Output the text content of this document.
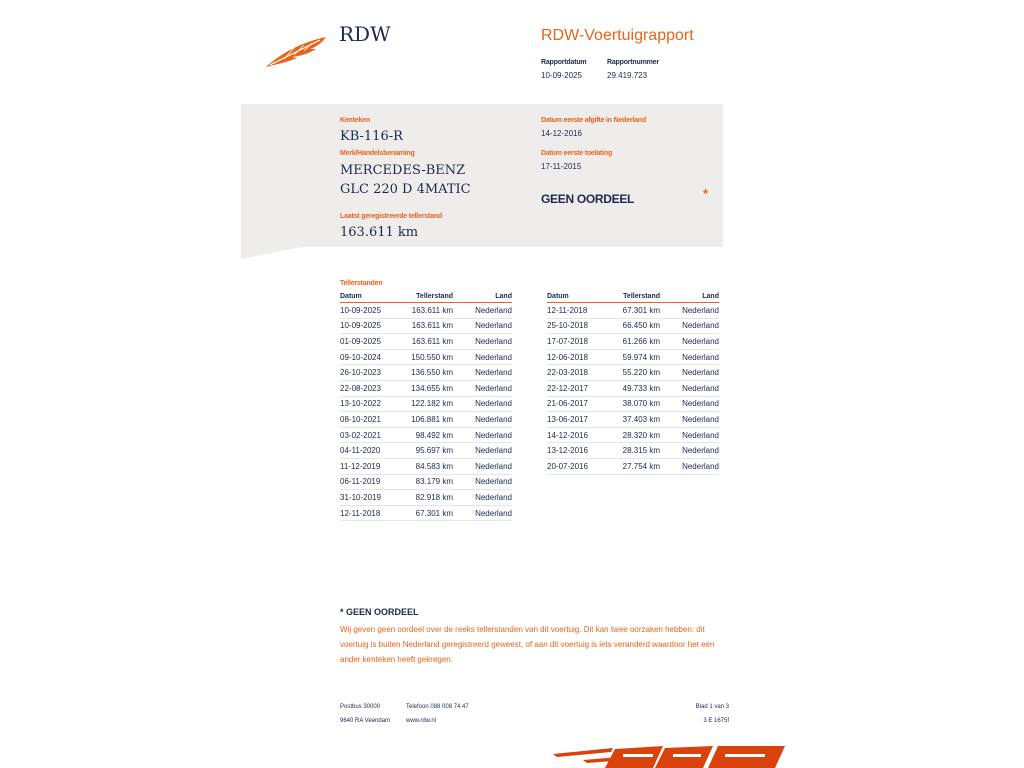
RDW	RDW-Voertuigrapport
Rapportdatum
10-09-2025
Rapportnummer
29.419.723
Kenteken
KB-116-R
Merk/Handelsbenaming
MERCEDES-BENZ
GLC 220 D 4MATIC
Laatst geregistreerde tellerstand
163.611 km
Datum eerste afgifte in Nederland
14-12-2016
Datum eerste toelating
17-11-2015
GEEN OORDEEL	*
Tellerstanden
Datum	Tellerstand	Land
10-09-2025	163.611 km	Nederland
10-09-2025	163.611 km	Nederland
01-09-2025	163.611 km	Nederland
09-10-2024	150.550 km	Nederland
26-10-2023	136.550 km	Nederland
22-08-2023	134.655 km	Nederland
13-10-2022	122.182 km	Nederland
08-10-2021	106.881 km	Nederland
03-02-2021	98.492 km	Nederland
04-11-2020	95.697 km	Nederland
11-12-2019	84.583 km	Nederland
06-11-2019	83.179 km	Nederland
31-10-2019	82.918 km	Nederland
12-11-2018	67.301 km	Nederland
Datum	Tellerstand	Land
12-11-2018	67.301 km	Nederland
25-10-2018	66.450 km	Nederland
17-07-2018	61.266 km	Nederland
12-06-2018	59.974 km	Nederland
22-03-2018	55.220 km	Nederland
22-12-2017	49.733 km	Nederland
21-06-2017	38.070 km	Nederland
13-06-2017	37.403 km	Nederland
14-12-2016	28.320 km	Nederland
13-12-2016	28.315 km	Nederland
20-07-2016	27.754 km	Nederland
* GEEN OORDEEL
Wij geven geen oordeel over de reeks tellerstanden van dit voertuig. Dit kan twee oorzaken hebben: dit voertuig is buiten Nederland geregistreerd geweest, of aan dit voertuig is iets veranderd waardoor het een ander kenteken heeft gekregen.
Postbus 30000
9640 RA Veendam
Telefoon 088 008 74 47
www.rdw.nl
Blad 1 van 3
3 E 1675f
